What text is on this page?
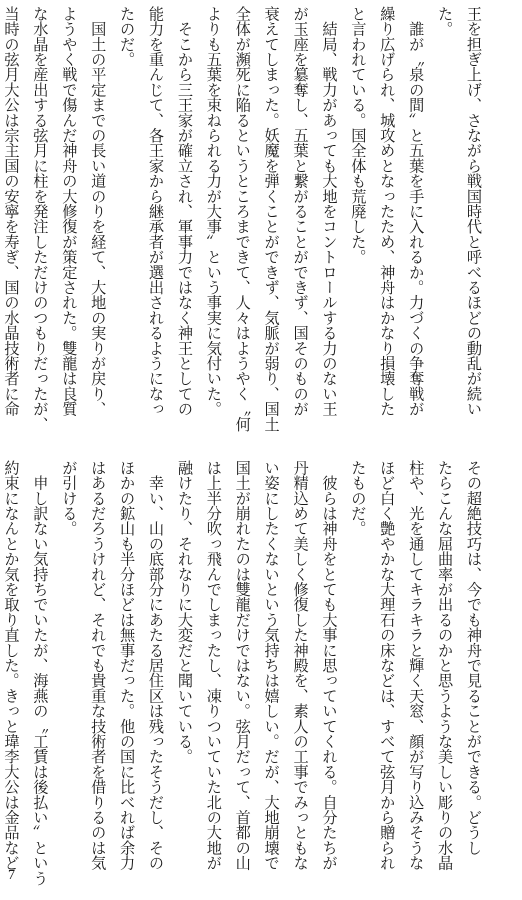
王を担ぎ上げ、さながら戦国時代と呼べるほどの動乱が続い
た。
　誰が〝泉の間〟と五葉を手に入れるか。力づくの争奪戦が
繰り広げられ、城攻めとなったため、神舟はかなり損壊した
と言われている。国全体も荒廃した。
　結局、戦力があっても大地をコントロールする力のない王
が玉座を簒奪し、五葉と繋がることができず、国そのものが
衰えてしまった。妖魔を弾くことができず、気脈が弱り、国土
全体が瀕死に陥るというところまできて、人々はようやく〝何
よりも五葉を束ねられる力が大事〟という事実に気付いた。
　そこから三王家が確立され、軍事力ではなく神王としての
能力を重んじて、各王家から継承者が選出されるようになっ
たのだ。
　国土の平定までの長い道のりを経て、大地の実りが戻り、
ようやく戦で傷んだ神舟の大修復が策定された。雙龍は良質
な水晶を産出する弦月に柱を発注しただけのつもりだったが、
当時の弦月大公は宗主国の安寧を寿ぎ、国の水晶技術者に命
その超絶技巧は、今でも神舟で見ることができる。どうし
たらこんな屈曲率が出るのかと思うような美しい彫りの水晶
柱や、光を通してキラキラと輝く天窓、顔が写り込みそうな
ほど白く艶やかな大理石の床などは、すべて弦月から贈られ
たものだ。
　彼らは神舟をとても大事に思っていてくれる。自分たちが
丹精込めて美しく修復した神殿を、素人の工事でみっともな
い姿にしたくないという気持ちは嬉しい。だが、大地崩壊で
国土が崩れたのは雙龍だけではない。弦月だって、首都の山
は上半分吹っ飛んでしまったし、凍りついていた北の大地が
融けたり、それなりに大変だと聞いている。
　幸い、山の底部分にあたる居住区は残ったそうだし、その
ほかの鉱山も半分ほどは無事だった。他の国に比べれば余力
はあるだろうけれど、それでも貴重な技術者を借りるのは気
が引ける。
　申し訳ない気持ちでいたが、海燕の〝工賃は後払い〟という
約束になんとか気を取り直した。きっと瑋李大公は金品など
7
